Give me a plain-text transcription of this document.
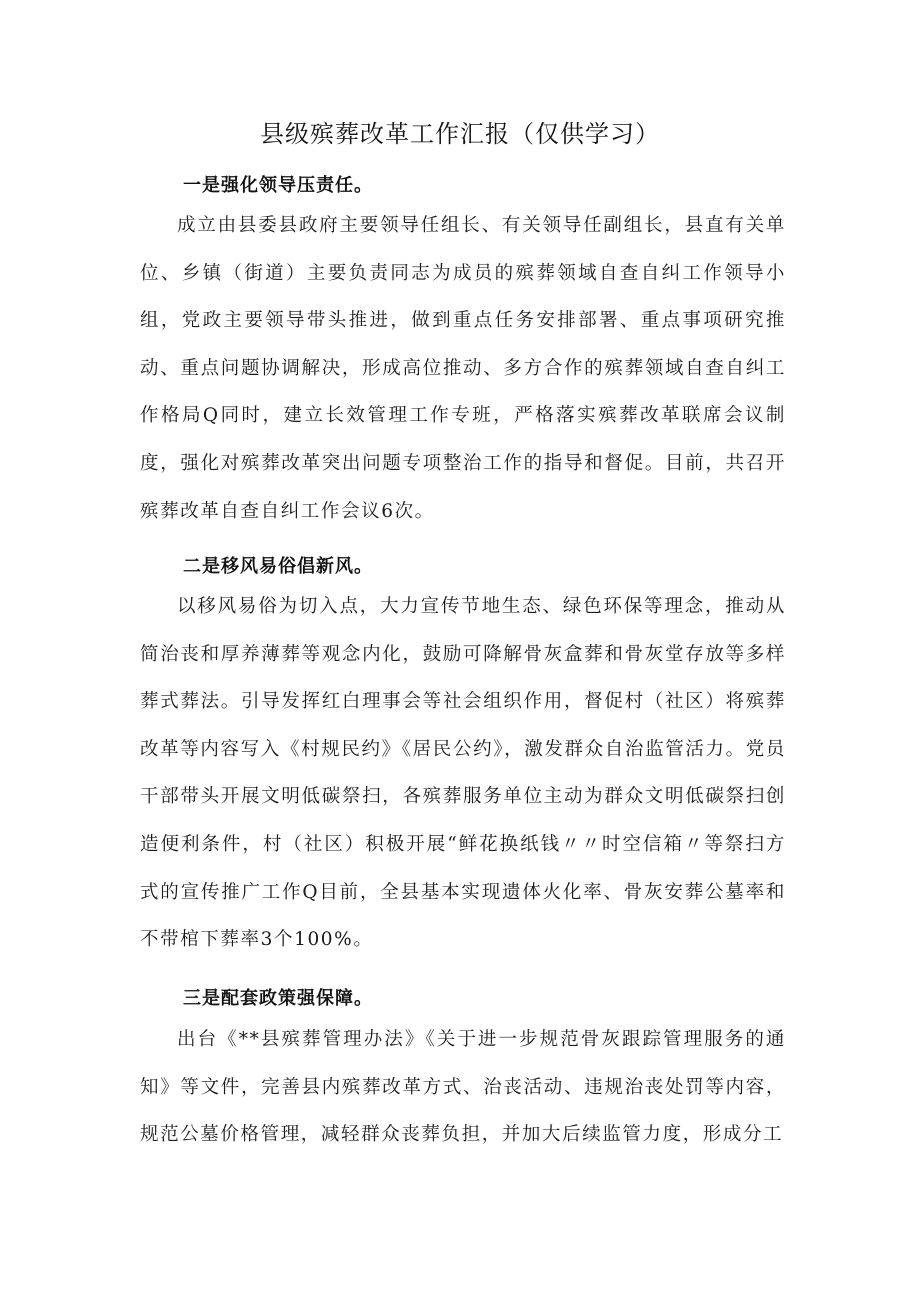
县级殡葬改革工作汇报（仅供学习）
一是强化领导压责任。

成立由县委县政府主要领导任组长、有关领导任副组长，县直有关单位、乡镇（街道）主要负责同志为成员的殡葬领域自查自纠工作领导小组，党政主要领导带头推进，做到重点任务安排部署、重点事项研究推动、重点问题协调解决，形成高位推动、多方合作的殡葬领域自查自纠工作格局Q同时，建立长效管理工作专班，严格落实殡葬改革联席会议制度，强化对殡葬改革突出问题专项整治工作的指导和督促。目前，共召开殡葬改革自查自纠工作会议6次。

二是移风易俗倡新风。

以移风易俗为切入点，大力宣传节地生态、绿色环保等理念，推动从简治丧和厚养薄葬等观念内化，鼓励可降解骨灰盒葬和骨灰堂存放等多样葬式葬法。引导发挥红白理事会等社会组织作用，督促村（社区）将殡葬改革等内容写入《村规民约》《居民公约》，激发群众自治监管活力。党员干部带头开展文明低碳祭扫，各殡葬服务单位主动为群众文明低碳祭扫创造便利条件，村（社区）积极开展“鲜花换纸钱〃〃时空信箱〃等祭扫方式的宣传推广工作Q目前，全县基本实现遗体火化率、骨灰安葬公墓率和不带棺下葬率3个100%。

三是配套政策强保障。

出台《**县殡葬管理办法》《关于进一步规范骨灰跟踪管理服务的通知》等文件，完善县内殡葬改革方式、治丧活动、违规治丧处罚等内容，规范公墓价格管理，减轻群众丧葬负担，并加大后续监管力度，形成分工
